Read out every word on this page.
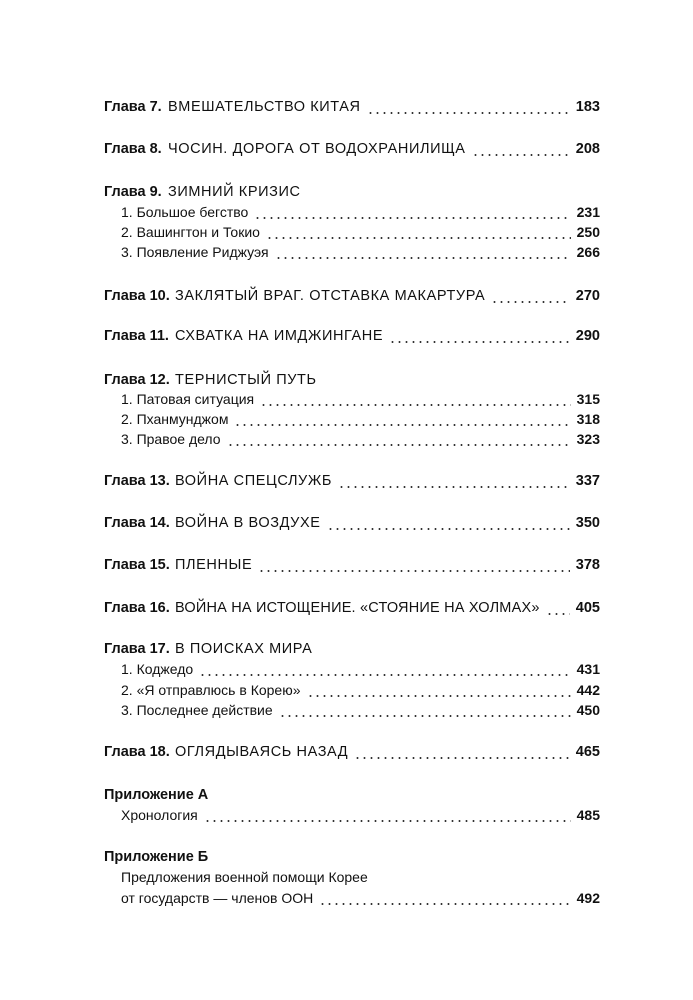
Глава 7. ВМЕШАТЕЛЬСТВО КИТАЯ	183
Глава 8. ЧОСИН. ДОРОГА ОТ ВОДОХРАНИЛИЩА	208
Глава 9. ЗИМНИЙ КРИЗИС
1. Большое бегство	231
2. Вашингтон и Токио	250
3. Появление Риджуэя	266
Глава 10. ЗАКЛЯТЫЙ ВРАГ. ОТСТАВКА МАКАРТУРА	270
Глава 11. СХВАТКА НА ИМДЖИНГАНЕ	290
Глава 12. ТЕРНИСТЫЙ ПУТЬ
1. Патовая ситуация	315
2. Пханмунджом	318
3. Правое дело	323
Глава 13. ВОЙНА СПЕЦСЛУЖБ	337
Глава 14. ВОЙНА В ВОЗДУХЕ	350
Глава 15. ПЛЕННЫЕ	378
Глава 16. ВОЙНА НА ИСТОЩЕНИЕ. «СТОЯНИЕ НА ХОЛМАХ» 405
Глава 17. В ПОИСКАХ МИРА
1. Коджедо	431
2. «Я отправлюсь в Корею»	442
3. Последнее действие	450
Глава 18. ОГЛЯДЫВАЯСЬ НАЗАД	465
Приложение А
Хронология	485
Приложение Б
Предложения военной помощи Корее
от государств — членов ООН	492
